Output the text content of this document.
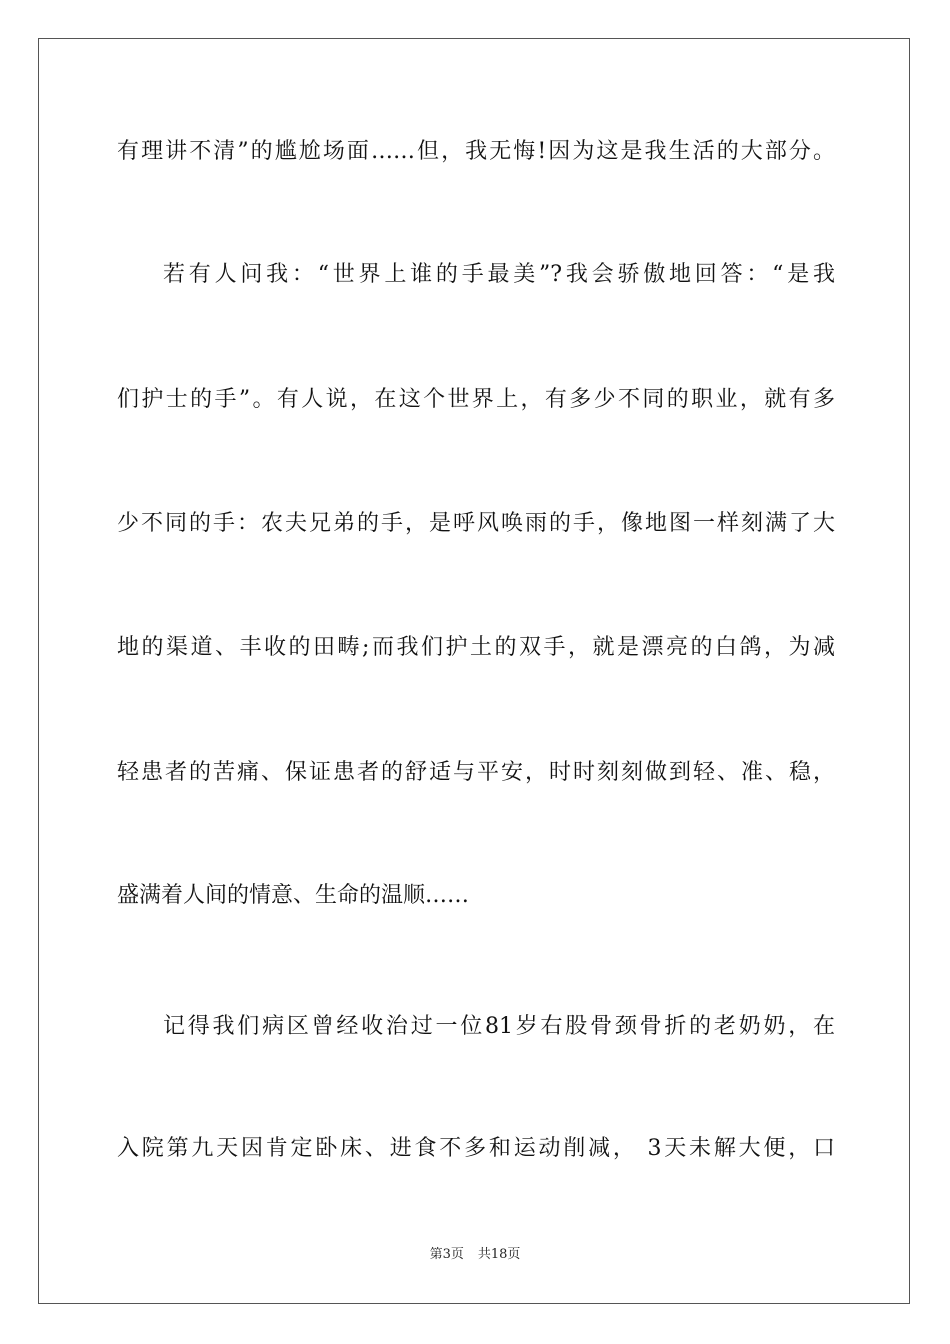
有理讲不清”的尴尬场面……但，我无悔!因为这是我生活的大部分。
若有人问我：“世界上谁的手最美”?我会骄傲地回答：“是我
们护士的手”。有人说，在这个世界上，有多少不同的职业，就有多
少不同的手：农夫兄弟的手，是呼风唤雨的手，像地图一样刻满了大
地的渠道、丰收的田畴;而我们护土的双手，就是漂亮的白鸽，为减
轻患者的苦痛、保证患者的舒适与平安，时时刻刻做到轻、准、稳，
盛满着人间的情意、生命的温顺……
记得我们病区曾经收治过一位81岁右股骨颈骨折的老奶奶，在
入院第九天因肯定卧床、进食不多和运动削减， 3天未解大便，口
第3页 共18页
